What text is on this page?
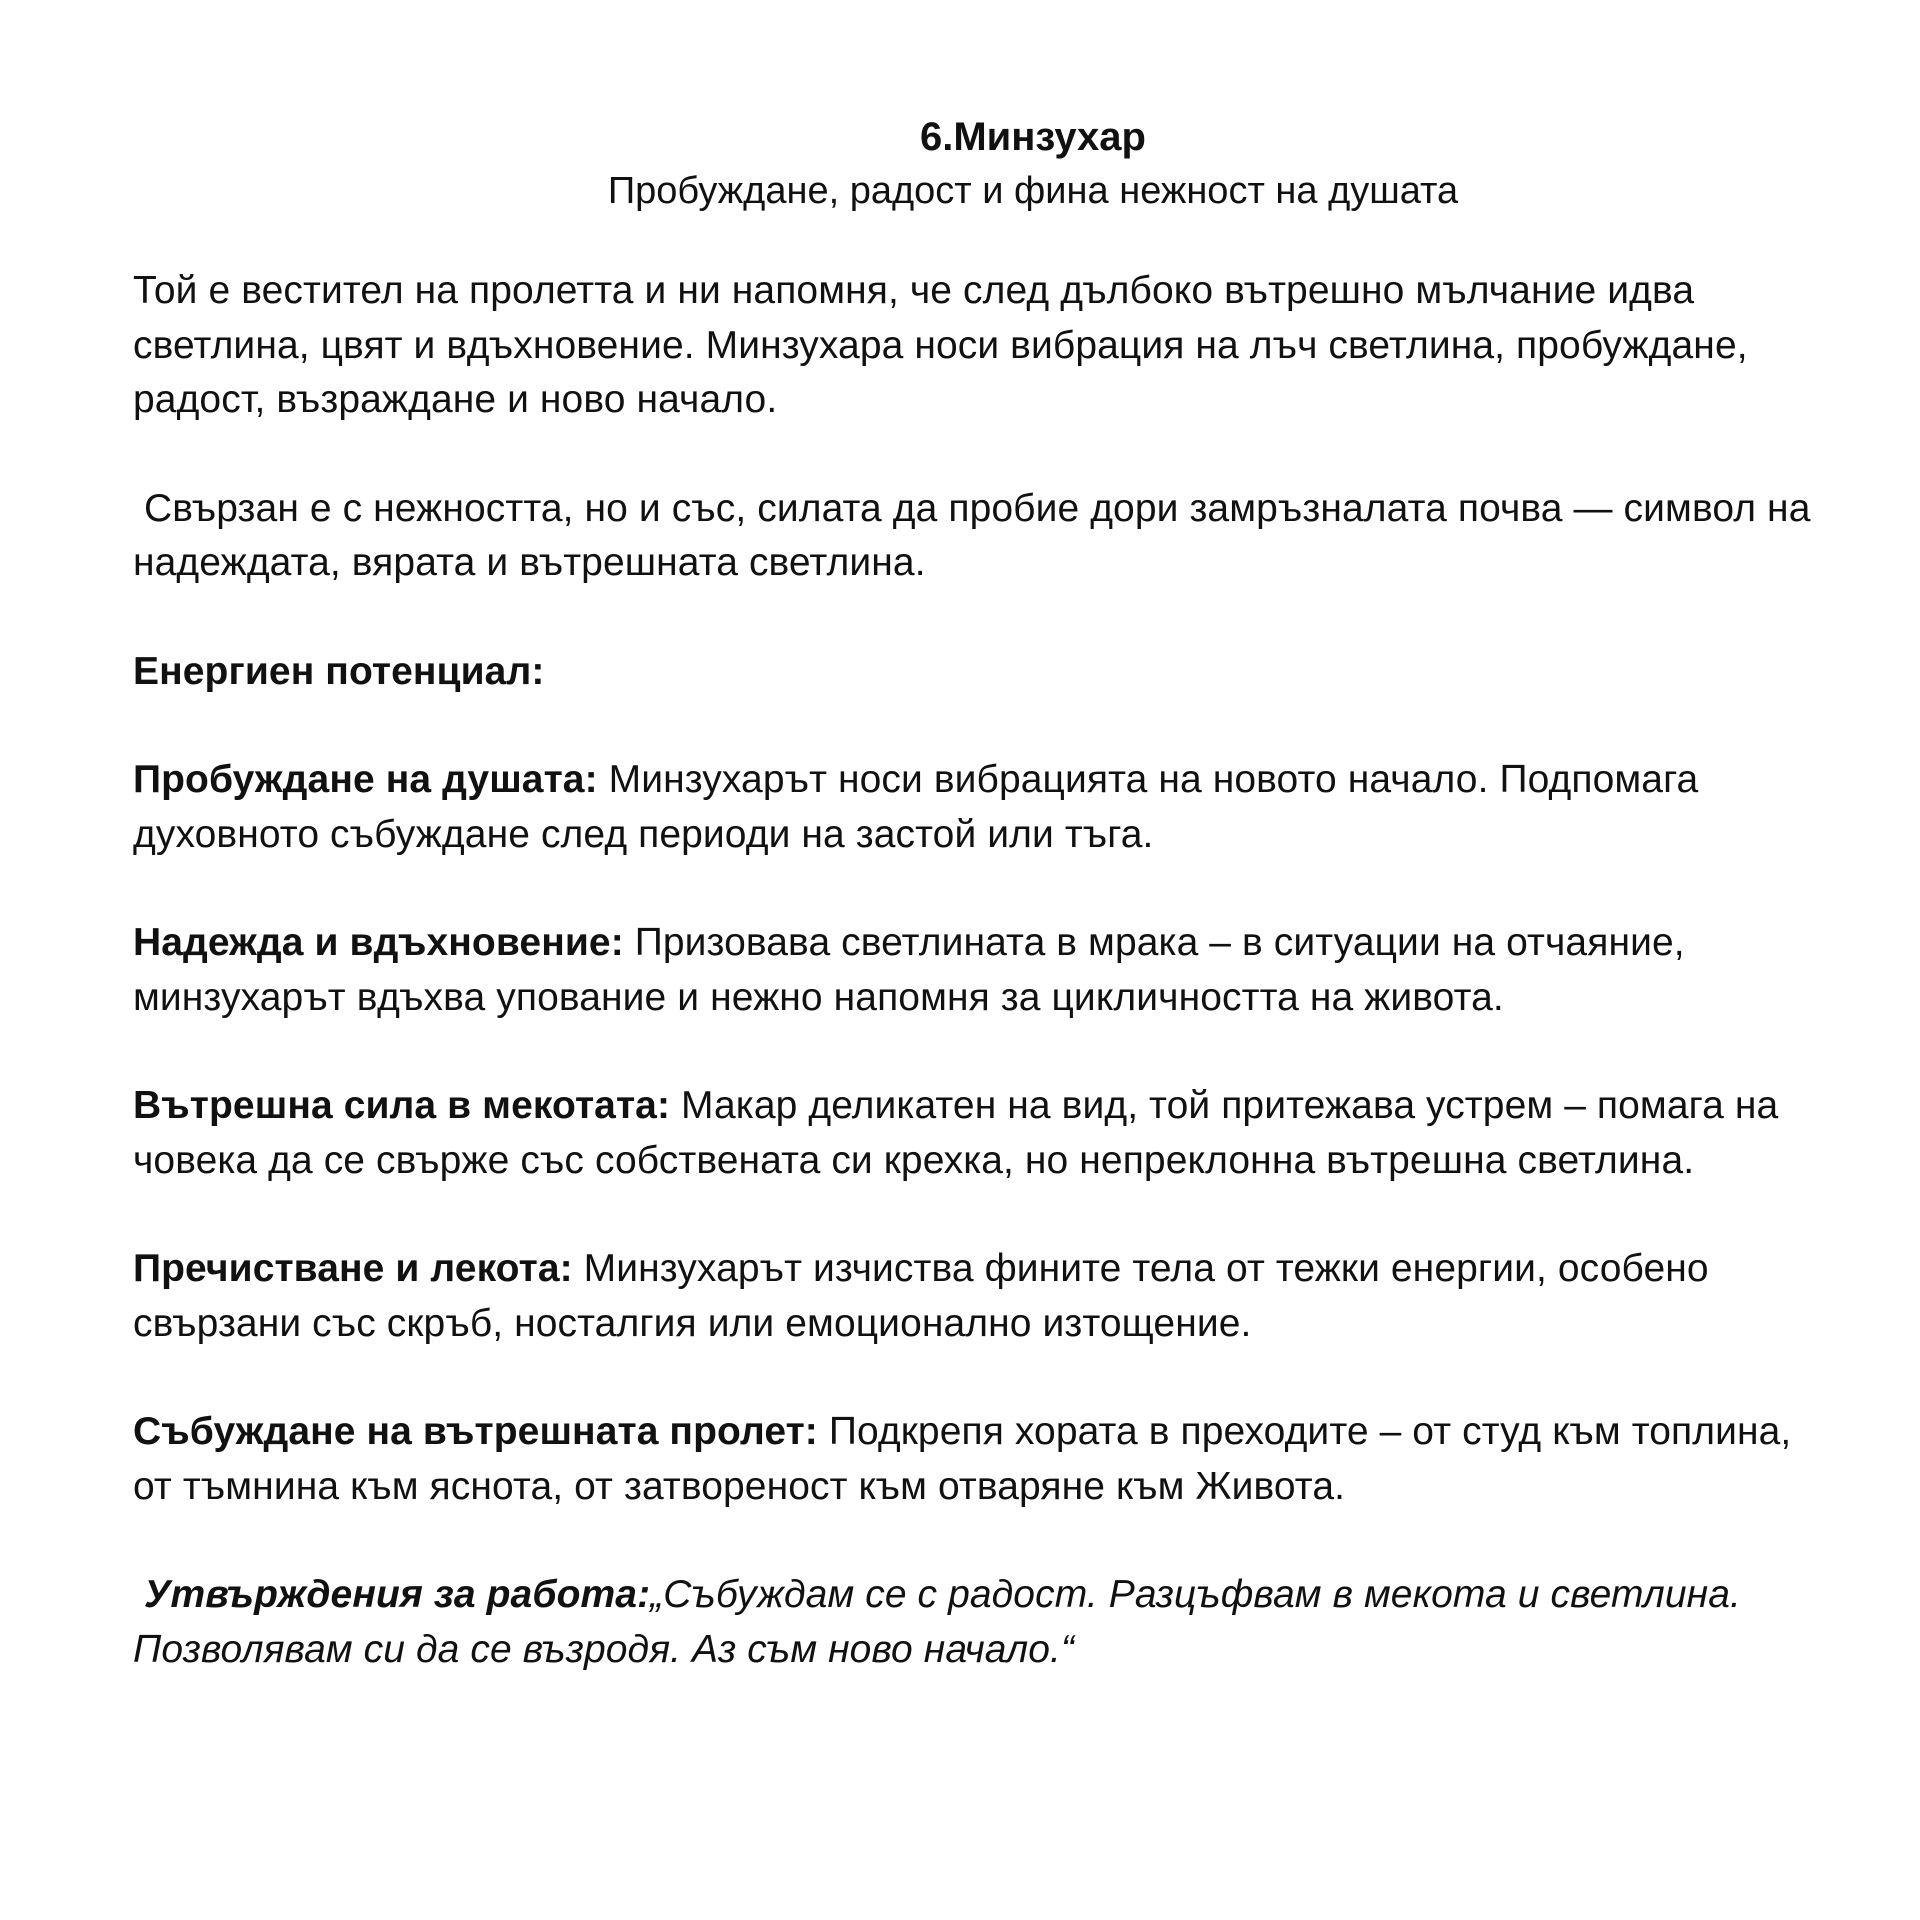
6.Минзухар
Пробуждане, радост и фина нежност на душата

Той е вестител на пролетта и ни напомня, че след дълбоко вътрешно мълчание идва светлина, цвят и вдъхновение. Минзухара носи вибрация на лъч светлина, пробуждане, радост, възраждане и ново начало.

Свързан е с нежността, но и със, силата да пробие дори замръзналата почва — символ на надеждата, вярата и вътрешната светлина.

Енергиен потенциал:

Пробуждане на душата: Минзухарът носи вибрацията на новото начало. Подпомага духовното събуждане след периоди на застой или тъга.

Надежда и вдъхновение: Призовава светлината в мрака – в ситуации на отчаяние, минзухарът вдъхва упование и нежно напомня за цикличността на живота.

Вътрешна сила в мекотата: Макар деликатен на вид, той притежава устрем – помага на човека да се свърже със собствената си крехка, но непреклонна вътрешна светлина.

Пречистване и лекота: Минзухарът изчиства фините тела от тежки енергии, особено свързани със скръб, носталгия или емоционално изтощение.

Събуждане на вътрешната пролет: Подкрепя хората в преходите – от студ към топлина, от тъмнина към яснота, от затвореност към отваряне към Живота.

Утвърждения за работа:„Събуждам се с радост. Разцъфвам в мекота и светлина. Позволявам си да се възродя. Аз съм ново начало.“
